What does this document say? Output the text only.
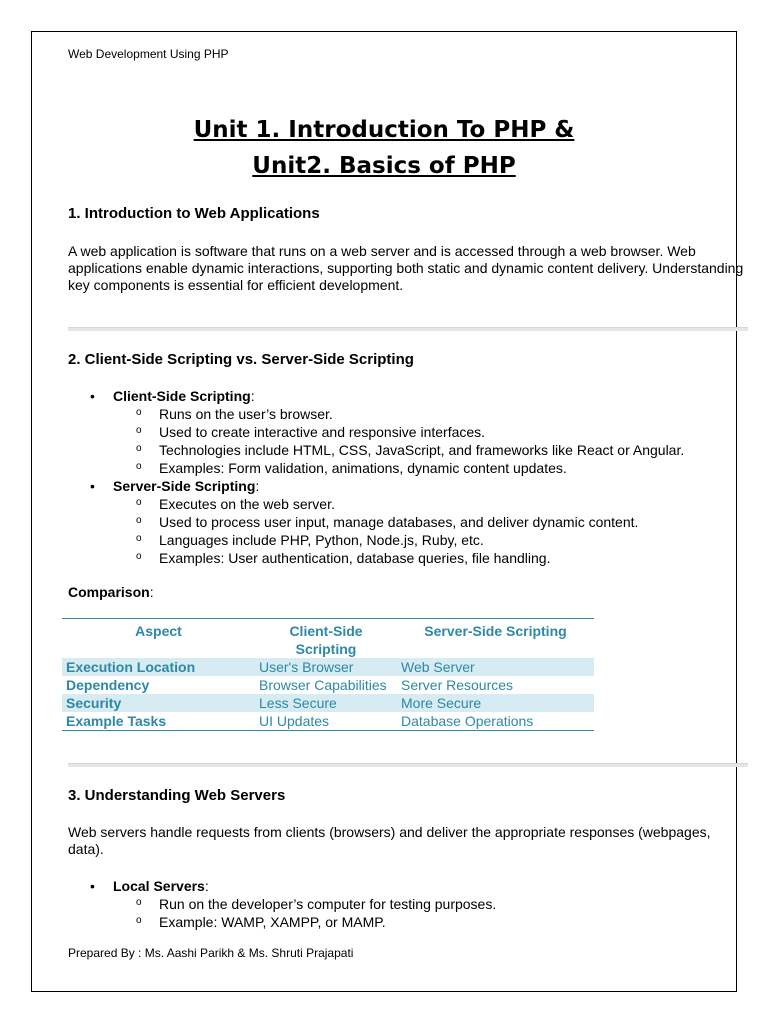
Web Development Using PHP
Unit 1. Introduction To PHP &
Unit2. Basics of PHP
1. Introduction to Web Applications
A web application is software that runs on a web server and is accessed through a web browser. Web applications enable dynamic interactions, supporting both static and dynamic content delivery. Understanding key components is essential for efficient development.
2. Client-Side Scripting vs. Server-Side Scripting
• Client-Side Scripting:
o Runs on the user’s browser.
o Used to create interactive and responsive interfaces.
o Technologies include HTML, CSS, JavaScript, and frameworks like React or Angular.
o Examples: Form validation, animations, dynamic content updates.
• Server-Side Scripting:
o Executes on the web server.
o Used to process user input, manage databases, and deliver dynamic content.
o Languages include PHP, Python, Node.js, Ruby, etc.
o Examples: User authentication, database queries, file handling.
Comparison:
Aspect	Client-Side Scripting	Server-Side Scripting
Execution Location	User's Browser	Web Server
Dependency	Browser Capabilities	Server Resources
Security	Less Secure	More Secure
Example Tasks	UI Updates	Database Operations
3. Understanding Web Servers
Web servers handle requests from clients (browsers) and deliver the appropriate responses (webpages, data).
• Local Servers:
o Run on the developer’s computer for testing purposes.
o Example: WAMP, XAMPP, or MAMP.
Prepared By : Ms. Aashi Parikh & Ms. Shruti Prajapati
